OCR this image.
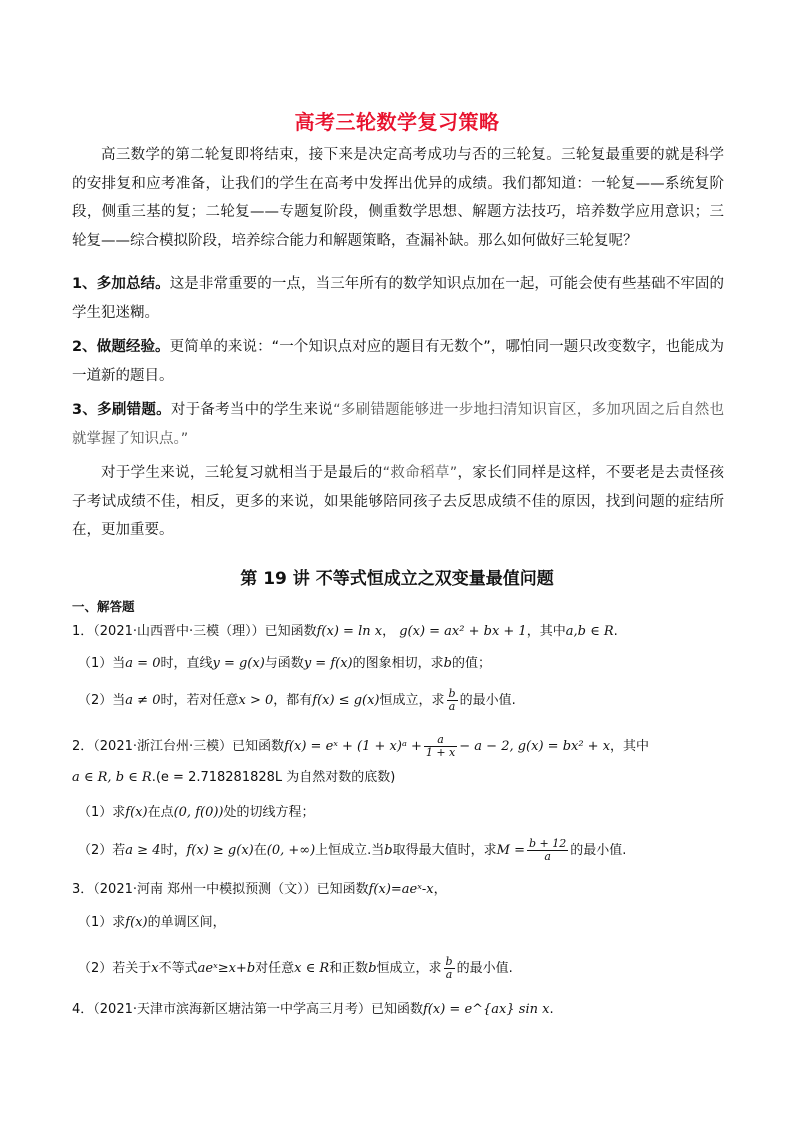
高考三轮数学复习策略
高三数学的第二轮复即将结束，接下来是决定高考成功与否的三轮复。三轮复最重要的就是科学的安排复和应考准备，让我们的学生在高考中发挥出优异的成绩。我们都知道：一轮复——系统复阶段，侧重三基的复；二轮复——专题复阶段，侧重数学思想、解题方法技巧，培养数学应用意识；三轮复——综合模拟阶段，培养综合能力和解题策略，查漏补缺。那么如何做好三轮复呢？
1、多加总结。这是非常重要的一点，当三年所有的数学知识点加在一起，可能会使有些基础不牢固的学生犯迷糊。
2、做题经验。更简单的来说：“一个知识点对应的题目有无数个”，哪怕同一题只改变数字，也能成为一道新的题目。
3、多刷错题。对于备考当中的学生来说“多刷错题能够进一步地扫清知识盲区，多加巩固之后自然也就掌握了知识点。”
对于学生来说，三轮复习就相当于是最后的“救命稻草”，家长们同样是这样，不要老是去责怪孩子考试成绩不佳，相反，更多的来说，如果能够陪同孩子去反思成绩不佳的原因，找到问题的症结所在，更加重要。
第 19 讲 不等式恒成立之双变量最值问题
一、解答题
1．（2021·山西晋中·三模（理））已知函数f(x) = ln x， g(x) = ax² + bx + 1，其中a,b ∈ R.
（1）当a = 0时，直线y = g(x)与函数y = f(x)的图象相切，求b的值；
（2）当a ≠ 0时，若对任意x > 0，都有f(x) ≤ g(x)恒成立，求 $\frac{b}{a}$ 的最小值.
2．（2021·浙江台州·三模）已知函数f(x) = eˣ + (1 + x)ᵃ + $\frac{a}{1 + x} - a - 2$, g(x) = bx² + x，其中
a ∈ R, b ∈ R.(e = 2.718281828L 为自然对数的底数)
（1）求f(x)在点(0, f(0))处的切线方程；
（2）若a ≥ 4时，f(x) ≥ g(x)在(0, +∞)上恒成立.当b取得最大值时，求$M = \frac{b + 12}{a}$ 的最小值.
3．（2021·河南 郑州一中模拟预测（文））已知函数f(x)=aeˣ-x，
（1）求f(x)的单调区间，
（2）若关于x不等式aeˣ≥x+b对任意x ∈ R和正数b恒成立，求 $\frac{b}{a}$ 的最小值.
4．（2021·天津市滨海新区塘沽第一中学高三月考）已知函数f(x) = e^{ax} sin x.
